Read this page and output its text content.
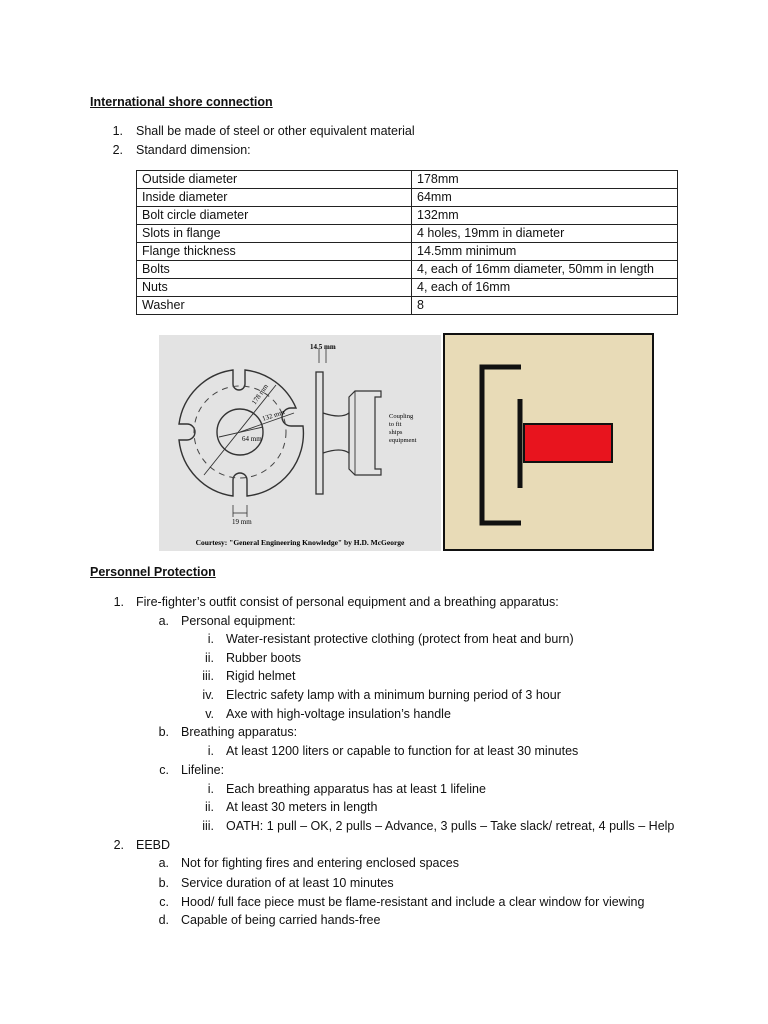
International shore connection
1. Shall be made of steel or other equivalent material
2. Standard dimension:
Outside diameter	178mm
Inside diameter	64mm
Bolt circle diameter	132mm
Slots in flange	4 holes, 19mm in diameter
Flange thickness	14.5mm minimum
Bolts	4, each of 16mm diameter, 50mm in length
Nuts	4, each of 16mm
Washer	8
178 mm
132 mm
64 mm
19 mm
14.5 mm
Coupling
to fit
ships
equipment
Courtesy: "General Engineering Knowledge" by H.D. McGeorge
Personnel Protection
1. Fire-fighter’s outfit consist of personal equipment and a breathing apparatus:
a. Personal equipment:
i. Water-resistant protective clothing (protect from heat and burn)
ii. Rubber boots
iii. Rigid helmet
iv. Electric safety lamp with a minimum burning period of 3 hour
v. Axe with high-voltage insulation’s handle
b. Breathing apparatus:
i. At least 1200 liters or capable to function for at least 30 minutes
c. Lifeline:
i. Each breathing apparatus has at least 1 lifeline
ii. At least 30 meters in length
iii. OATH: 1 pull – OK, 2 pulls – Advance, 3 pulls – Take slack/ retreat, 4 pulls – Help
2. EEBD
a. Not for fighting fires and entering enclosed spaces
b. Service duration of at least 10 minutes
c. Hood/ full face piece must be flame-resistant and include a clear window for viewing
d. Capable of being carried hands-free
